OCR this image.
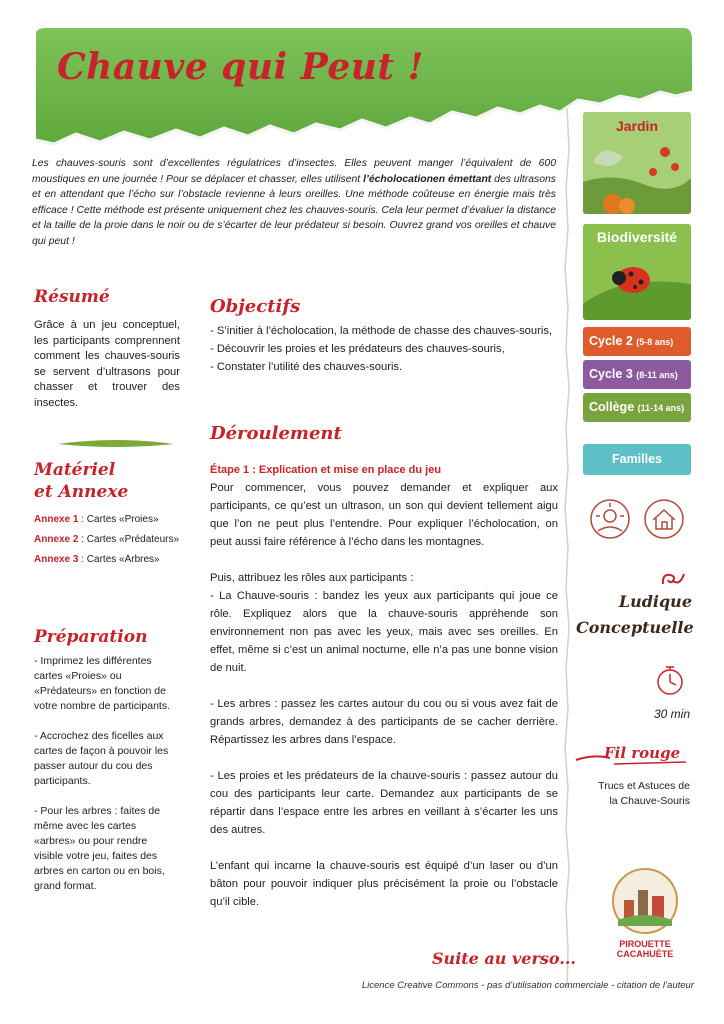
Chauve qui Peut !
Les chauves-souris sont d’excellentes régulatrices d’insectes. Elles peuvent manger l’équivalent de 600 moustiques en une journée ! Pour se déplacer et chasser, elles utilisent l’écholocationen émettant des ultrasons et en attendant que l’écho sur l’obstacle revienne à leurs oreilles. Une méthode coûteuse en énergie mais très efficace ! Cette méthode est présente uniquement chez les chauves-souris. Cela leur permet d’évaluer la distance et la taille de la proie dans le noir ou de s’écarter de leur prédateur si besoin. Ouvrez grand vos oreilles et chauve qui peut !
Jardin
Biodiversité
Cycle 2 (5-8 ans)
Cycle 3 (8-11 ans)
Collège (11-14 ans)
Familles
Ludique
Conceptuelle
30 min
Fil rouge
Trucs et Astuces de
la Chauve-Souris
PIROUETTE
CACAHUÈTE
Résumé
Grâce à un jeu conceptuel, les participants comprennent comment les chauves-souris se servent d’ultrasons pour chasser et trouver des insectes.
Matériel
et Annexe
Annexe 1 : Cartes «Proies»
Annexe 2 : Cartes «Prédateurs»
Annexe 3 : Cartes «Arbres»
Préparation
- Imprimez les différentes cartes «Proies» ou «Prédateurs» en fonction de votre nombre de participants.
- Accrochez des ficelles aux cartes de façon à pouvoir les passer autour du cou des participants.
- Pour les arbres : faites de même avec les cartes «arbres» ou pour rendre visible votre jeu, faites des arbres en carton ou en bois, grand format.
Objectifs
- S’initier à l’écholocation, la méthode de chasse des chauves-souris,
- Découvrir les proies et les prédateurs des chauves-souris,
- Constater l’utilité des chauves-souris.
Déroulement
Étape 1 : Explication et mise en place du jeu
Pour commencer, vous pouvez demander et expliquer aux participants, ce qu’est un ultrason, un son qui devient tellement aigu que l’on ne peut plus l’entendre. Pour expliquer l’écholocation, on peut aussi faire référence à l’écho dans les montagnes.
Puis, attribuez les rôles aux participants :
- La Chauve-souris : bandez les yeux aux participants qui joue ce rôle. Expliquez alors que la chauve-souris appréhende son environnement non pas avec les yeux, mais avec ses oreilles. En effet, même si c’est un animal nocturne, elle n’a pas une bonne vision de nuit.
- Les arbres : passez les cartes autour du cou ou si vous avez fait de grands arbres, demandez à des participants de se cacher derrière. Répartissez les arbres dans l’espace.
- Les proies et les prédateurs de la chauve-souris : passez autour du cou des participants leur carte. Demandez aux participants de se répartir dans l’espace entre les arbres en veillant à s’écarter les uns des autres.
L’enfant qui incarne la chauve-souris est équipé d’un laser ou d’un bâton pour pouvoir indiquer plus précisément la proie ou l’obstacle qu’il cible.
Suite au verso...
Licence Creative Commons - pas d’utilisation commerciale - citation de l’auteur
